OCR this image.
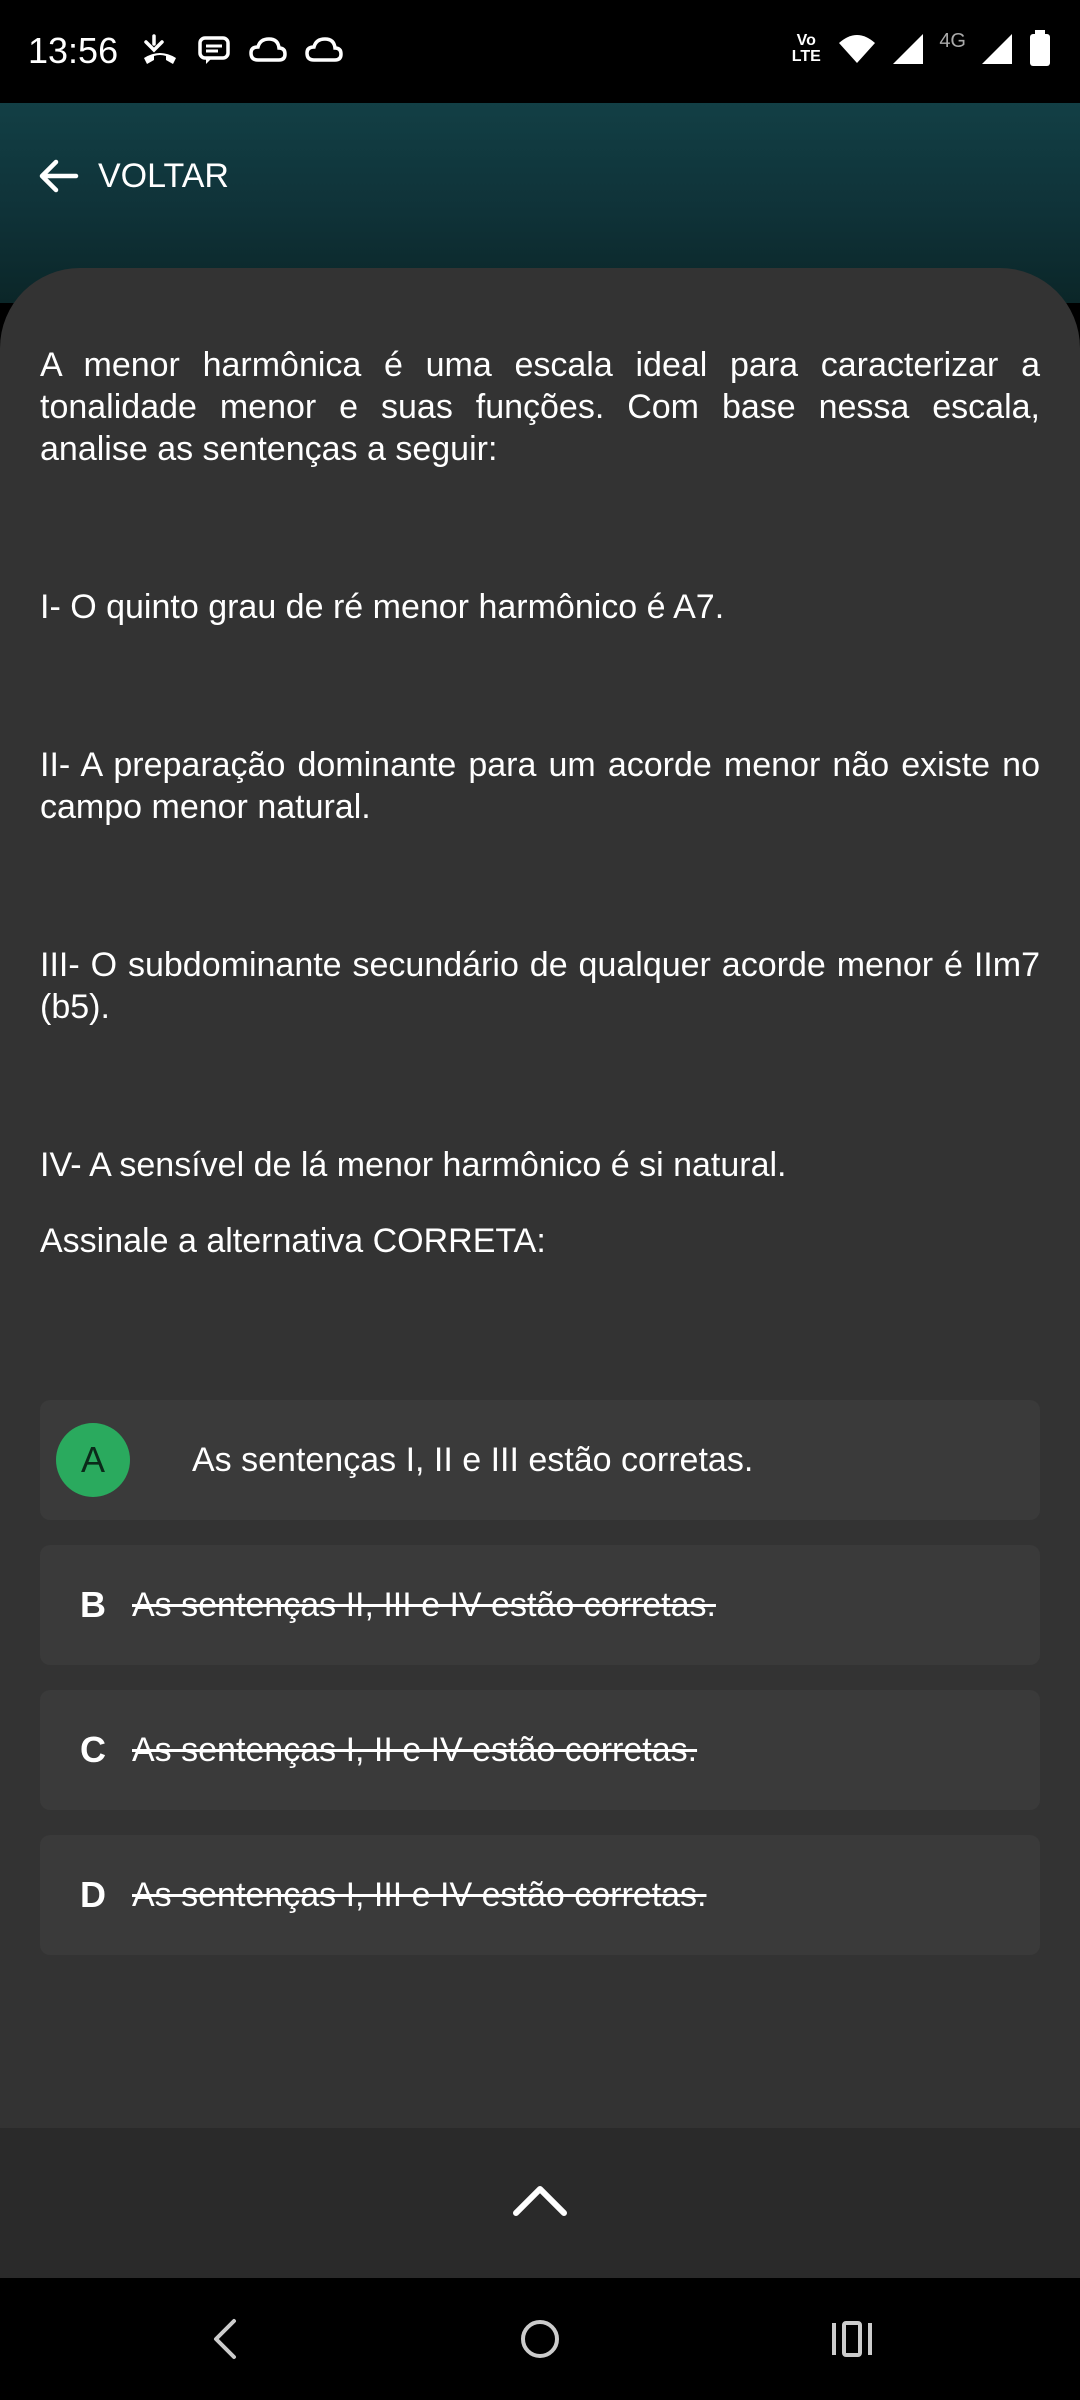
13:56	Vo LTE
4G
VOLTAR

A menor harmônica é uma escala ideal para caracterizar a tonalidade menor e suas funções. Com base nessa escala, analise as sentenças a seguir:

I- O quinto grau de ré menor harmônico é A7.

II- A preparação dominante para um acorde menor não existe no campo menor natural.

III- O subdominante secundário de qualquer acorde menor é IIm7 (b5).

IV- A sensível de lá menor harmônico é si natural.

Assinale a alternativa CORRETA:

A	As sentenças I, II e III estão corretas.
B As sentenças II, III e IV estão corretas.
C As sentenças I, II e IV estão corretas.
D As sentenças I, III e IV estão corretas.
